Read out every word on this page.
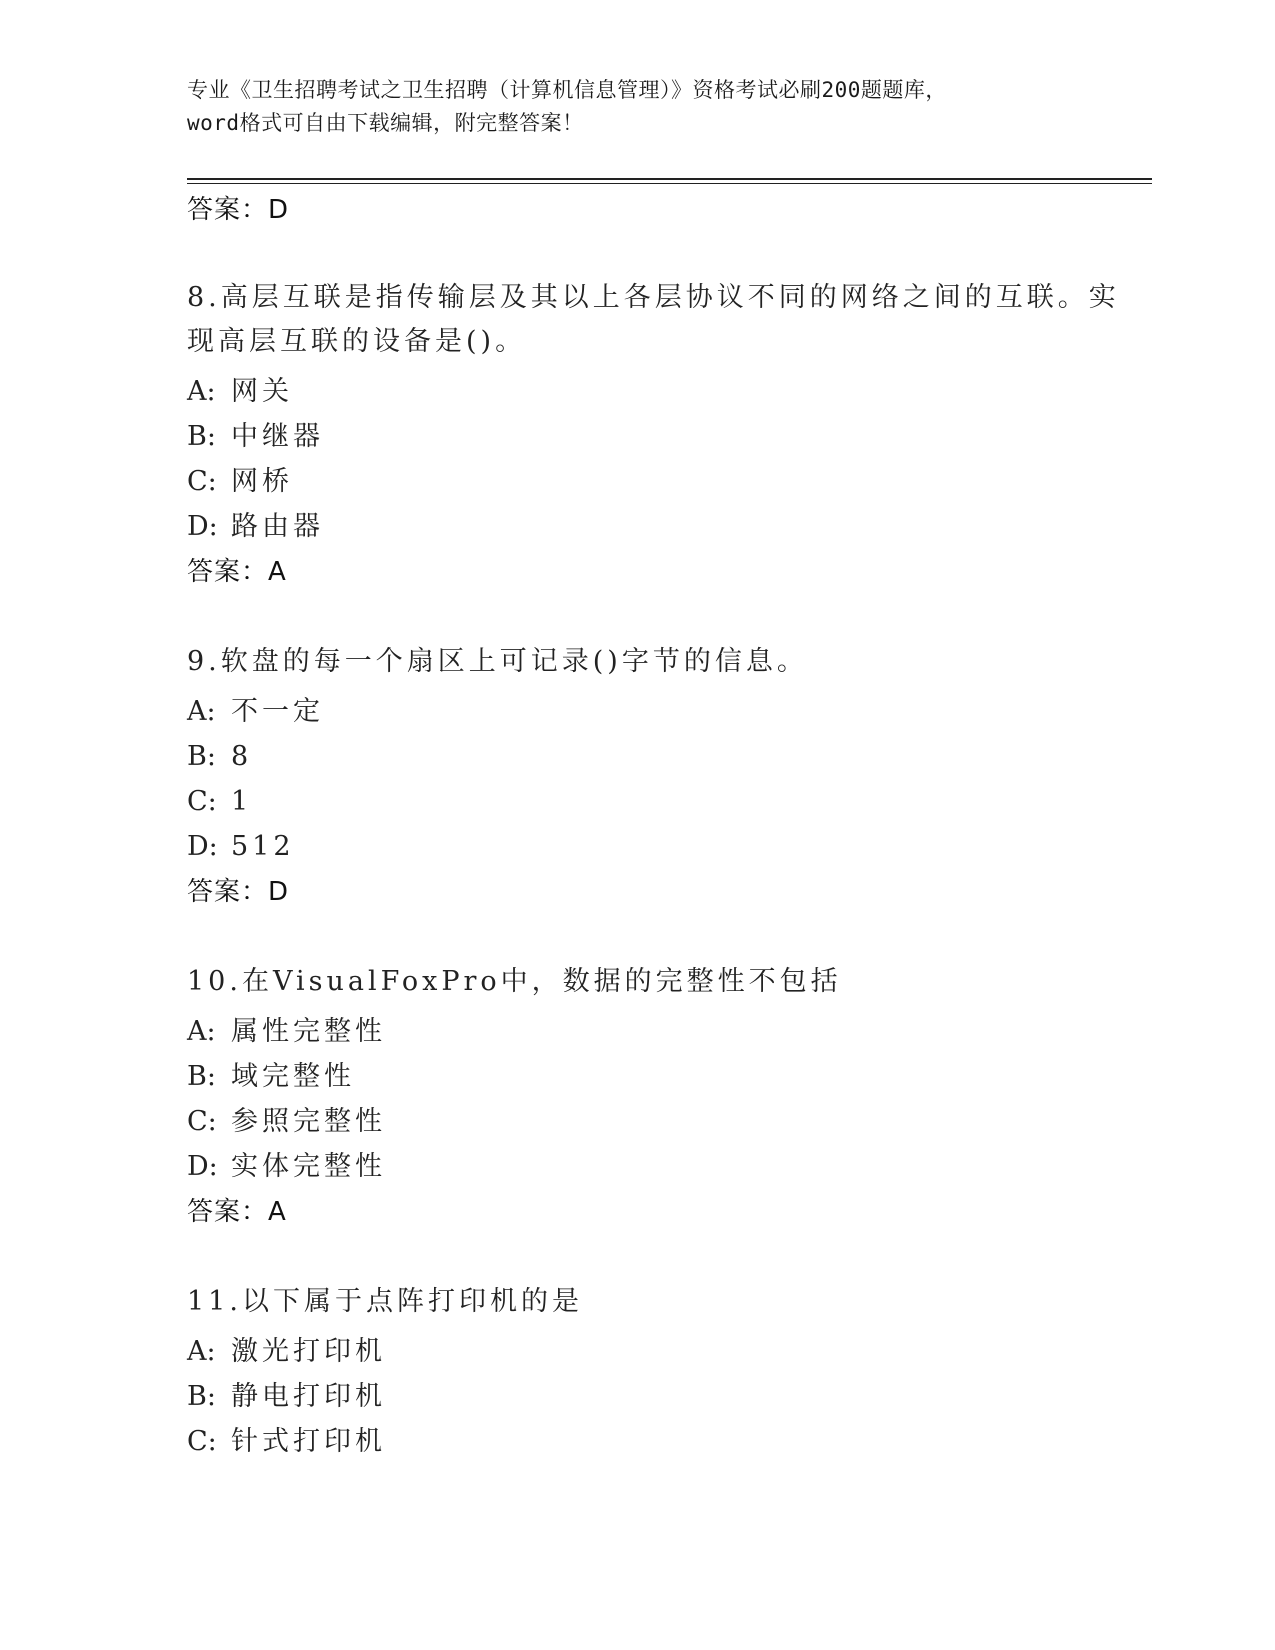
专业《卫生招聘考试之卫生招聘（计算机信息管理）》资格考试必刷200题题库，
word格式可自由下载编辑，附完整答案！
答案：D
8.高层互联是指传输层及其以上各层协议不同的网络之间的互联。实
现高层互联的设备是()。
A: 网关
B: 中继器
C: 网桥
D: 路由器
答案：A
9.软盘的每一个扇区上可记录()字节的信息。
A: 不一定
B: 8
C: 1
D: 512
答案：D
10.在VisualFoxPro中，数据的完整性不包括
A: 属性完整性
B: 域完整性
C: 参照完整性
D: 实体完整性
答案：A
11.以下属于点阵打印机的是
A: 激光打印机
B: 静电打印机
C: 针式打印机
